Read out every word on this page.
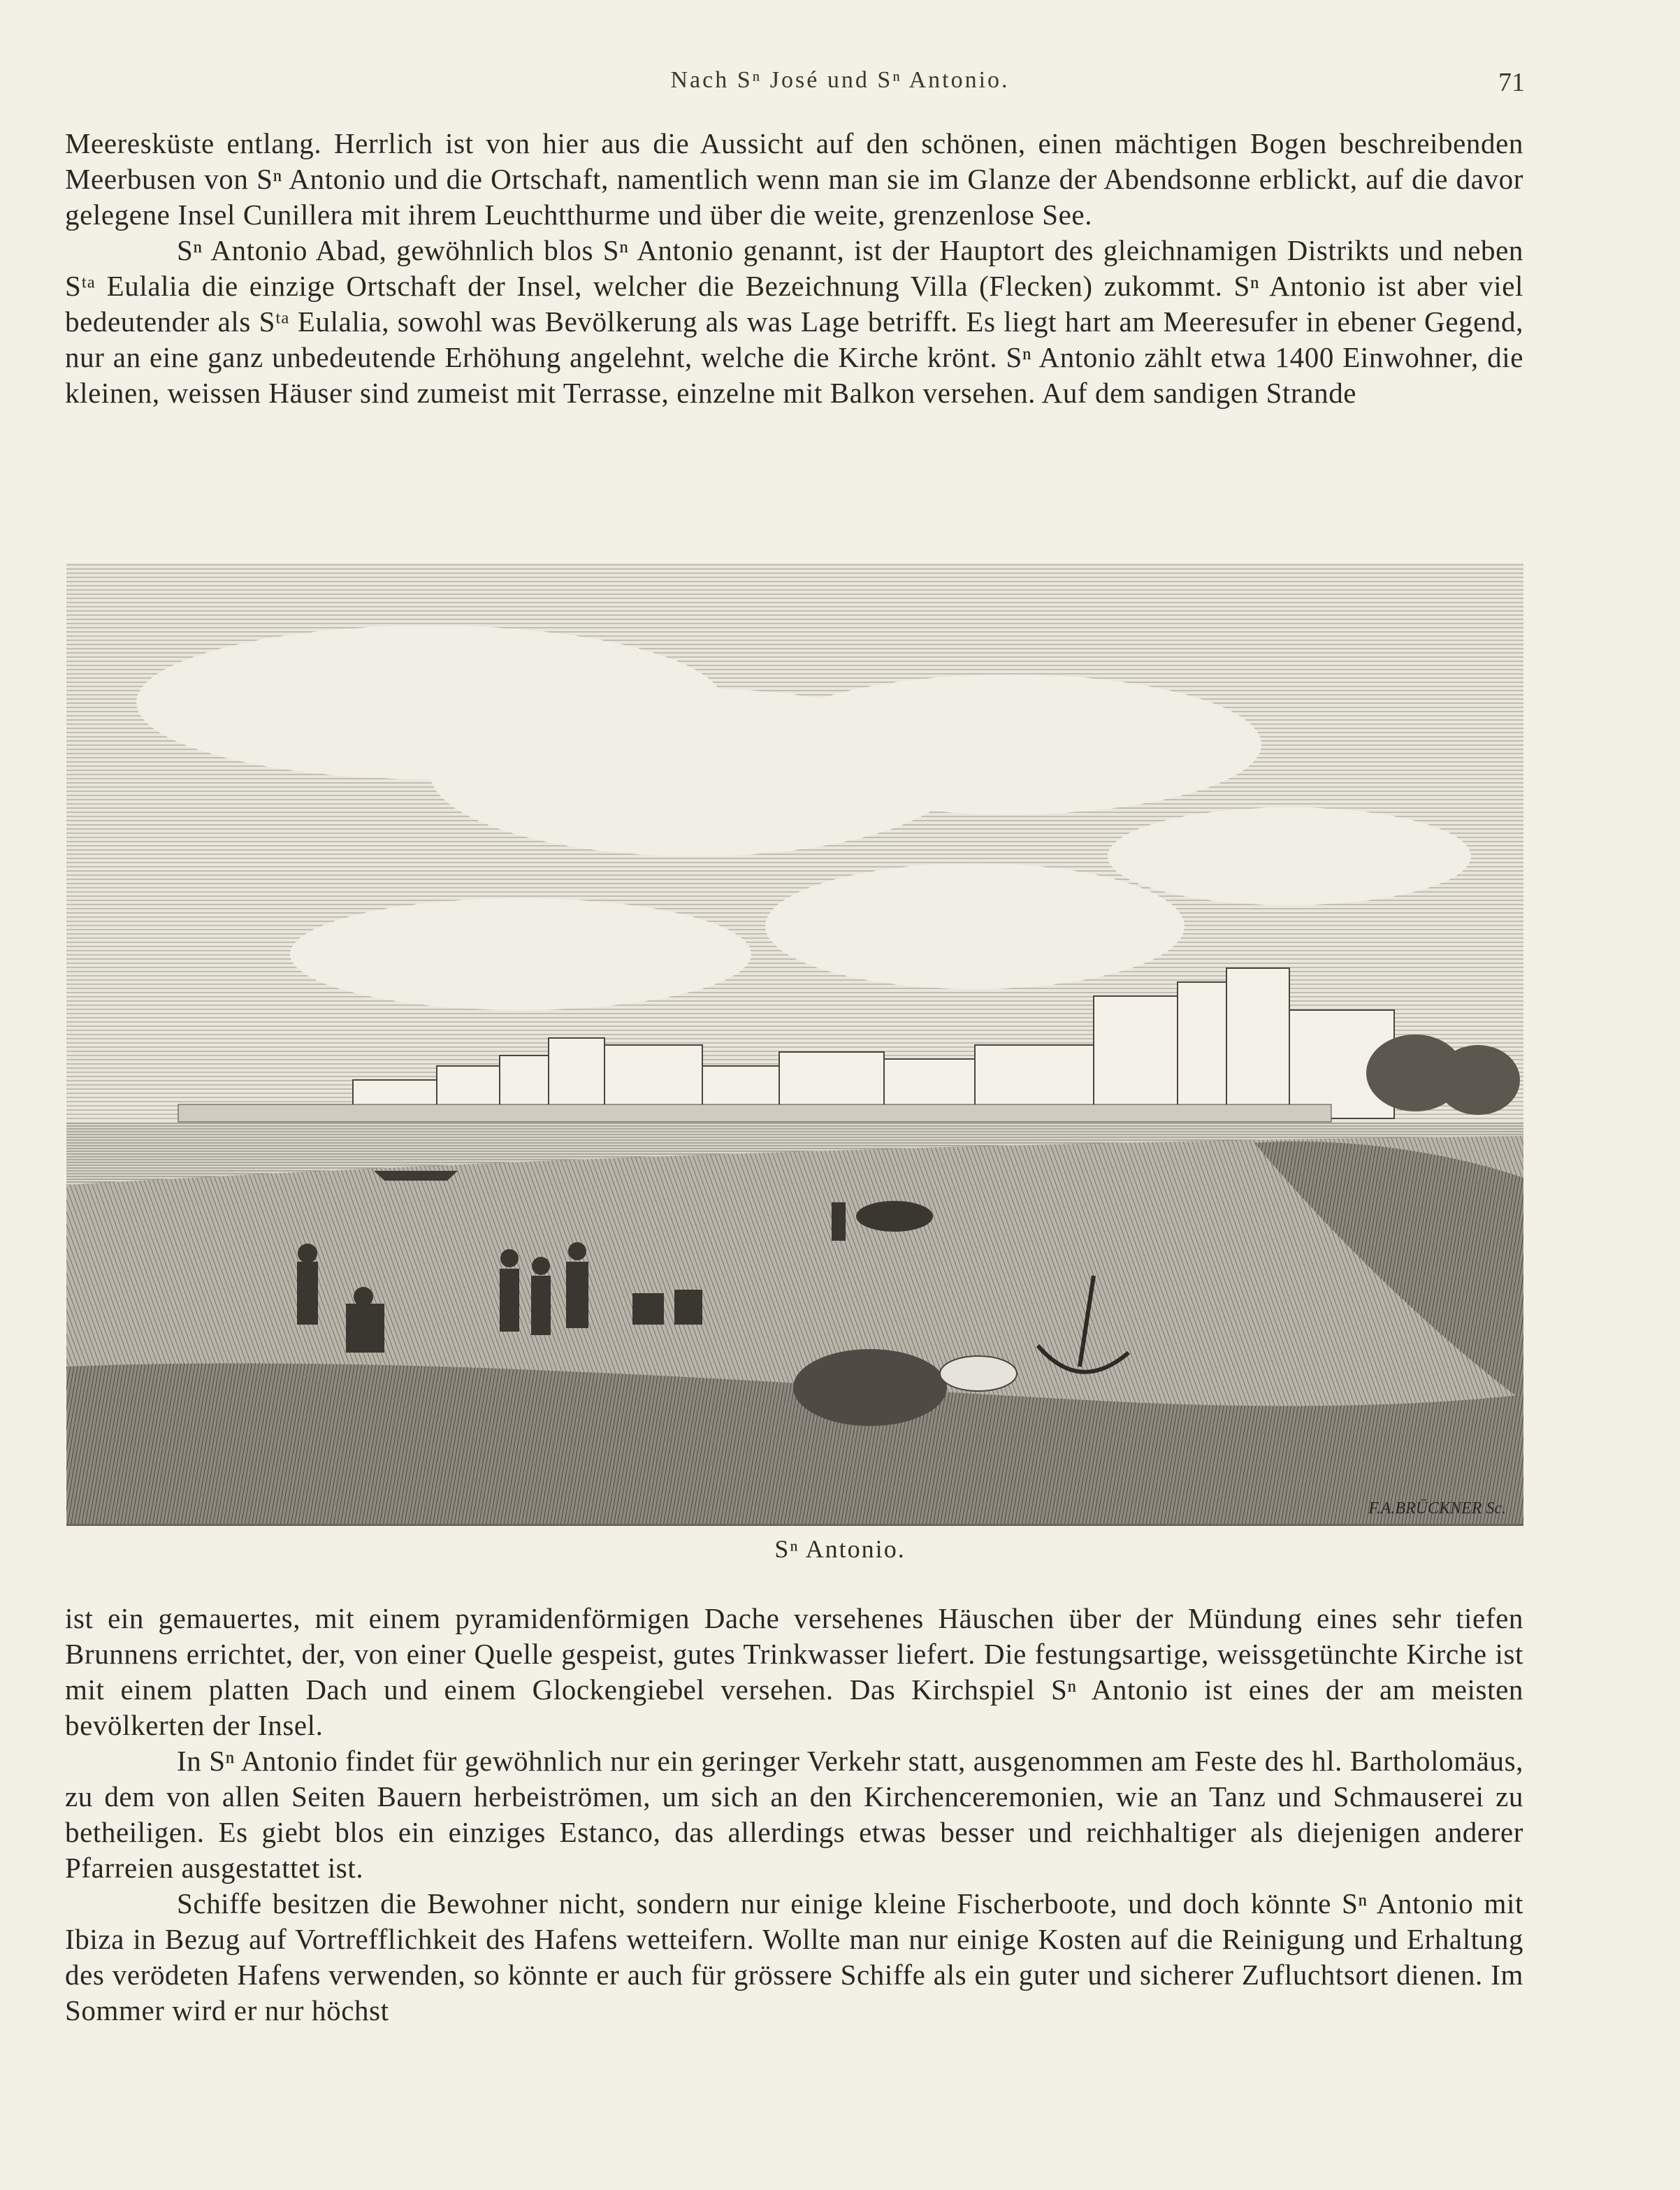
Nach Sⁿ José und Sⁿ Antonio.	71

Meeresküste entlang. Herrlich ist von hier aus die Aussicht auf den schönen, einen mächtigen Bogen beschreibenden Meerbusen von Sⁿ Antonio und die Ortschaft, namentlich wenn man sie im Glanze der Abendsonne erblickt, auf die davor gelegene Insel Cunillera mit ihrem Leuchtthurme und über die weite, grenzenlose See.

Sⁿ Antonio Abad, gewöhnlich blos Sⁿ Antonio genannt, ist der Hauptort des gleichnamigen Distrikts und neben Sᵗᵃ Eulalia die einzige Ortschaft der Insel, welcher die Bezeichnung Villa (Flecken) zukommt. Sⁿ Antonio ist aber viel bedeutender als Sᵗᵃ Eulalia, sowohl was Bevölkerung als was Lage betrifft. Es liegt hart am Meeresufer in ebener Gegend, nur an eine ganz unbedeutende Erhöhung angelehnt, welche die Kirche krönt. Sⁿ Antonio zählt etwa 1400 Einwohner, die kleinen, weissen Häuser sind zumeist mit Terrasse, einzelne mit Balkon versehen. Auf dem sandigen Strande

F.A.BRÜCKNER Sc.
Sⁿ Antonio.

ist ein gemauertes, mit einem pyramidenförmigen Dache versehenes Häuschen über der Mündung eines sehr tiefen Brunnens errichtet, der, von einer Quelle gespeist, gutes Trinkwasser liefert. Die festungsartige, weissgetünchte Kirche ist mit einem platten Dach und einem Glockengiebel versehen. Das Kirchspiel Sⁿ Antonio ist eines der am meisten bevölkerten der Insel.

In Sⁿ Antonio findet für gewöhnlich nur ein geringer Verkehr statt, ausgenommen am Feste des hl. Bartholomäus, zu dem von allen Seiten Bauern herbeiströmen, um sich an den Kirchenceremonien, wie an Tanz und Schmauserei zu betheiligen. Es giebt blos ein einziges Estanco, das allerdings etwas besser und reichhaltiger als diejenigen anderer Pfarreien ausgestattet ist.

Schiffe besitzen die Bewohner nicht, sondern nur einige kleine Fischerboote, und doch könnte Sⁿ Antonio mit Ibiza in Bezug auf Vortrefflichkeit des Hafens wetteifern. Wollte man nur einige Kosten auf die Reinigung und Erhaltung des verödeten Hafens verwenden, so könnte er auch für grössere Schiffe als ein guter und sicherer Zufluchtsort dienen. Im Sommer wird er nur höchst
